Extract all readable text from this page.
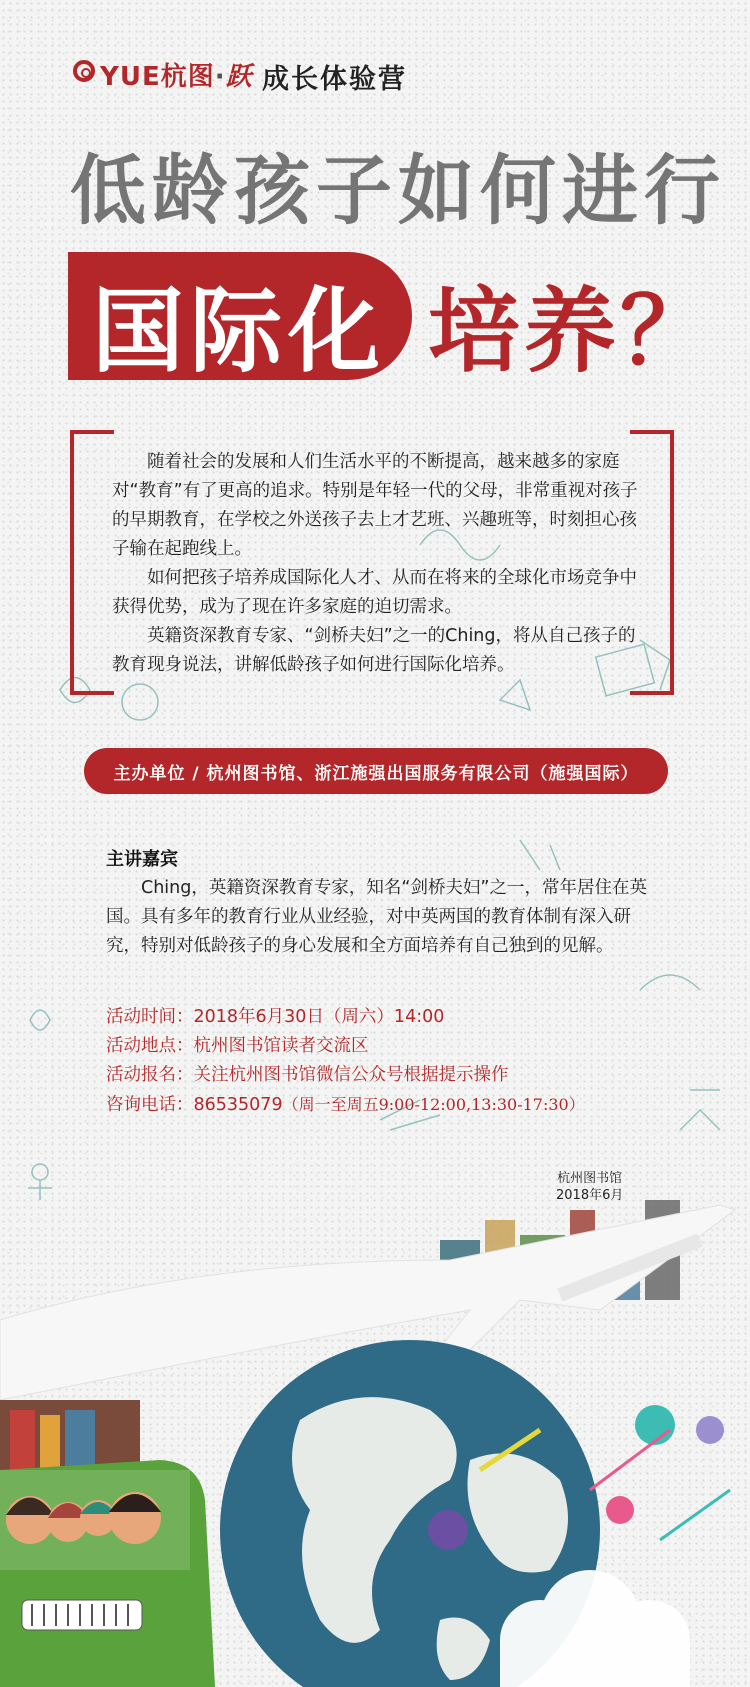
YUE杭图·跃 成长体验营
低龄孩子如何进行
国际化 培养？

随着社会的发展和人们生活水平的不断提高，越来越多的家庭对“教育”有了更高的追求。特别是年轻一代的父母，非常重视对孩子的早期教育，在学校之外送孩子去上才艺班、兴趣班等，时刻担心孩子输在起跑线上。

如何把孩子培养成国际化人才、从而在将来的全球化市场竞争中获得优势，成为了现在许多家庭的迫切需求。

英籍资深教育专家、“剑桥夫妇”之一的Ching，将从自己孩子的教育现身说法，讲解低龄孩子如何进行国际化培养。

主办单位 / 杭州图书馆、浙江施强出国服务有限公司（施强国际）
主讲嘉宾
Ching，英籍资深教育专家，知名“剑桥夫妇”之一，常年居住在英国。具有多年的教育行业从业经验，对中英两国的教育体制有深入研究，特别对低龄孩子的身心发展和全方面培养有自己独到的见解。
活动时间：2018年6月30日（周六）14:00
活动地点：杭州图书馆读者交流区
活动报名：关注杭州图书馆微信公众号根据提示操作
咨询电话：86535079（周一至周五9:00-12:00,13:30-17:30）
杭州图书馆
2018年6月
